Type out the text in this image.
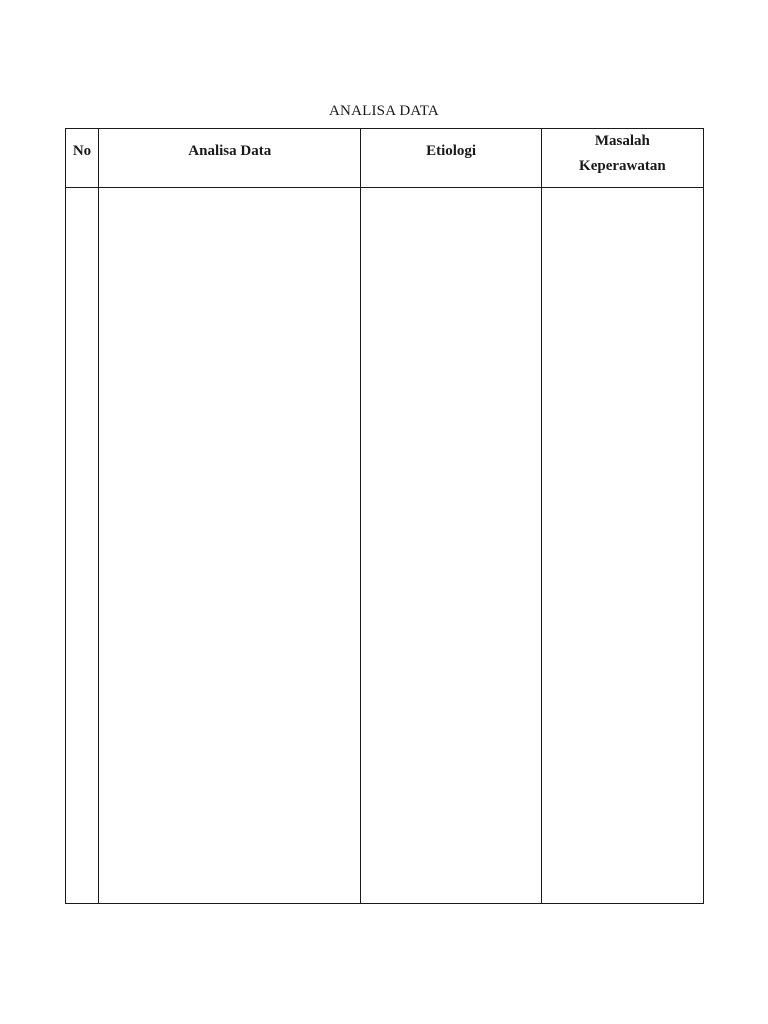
ANALISA DATA
No	Analisa Data	Etiologi	Masalah
Keperawatan
